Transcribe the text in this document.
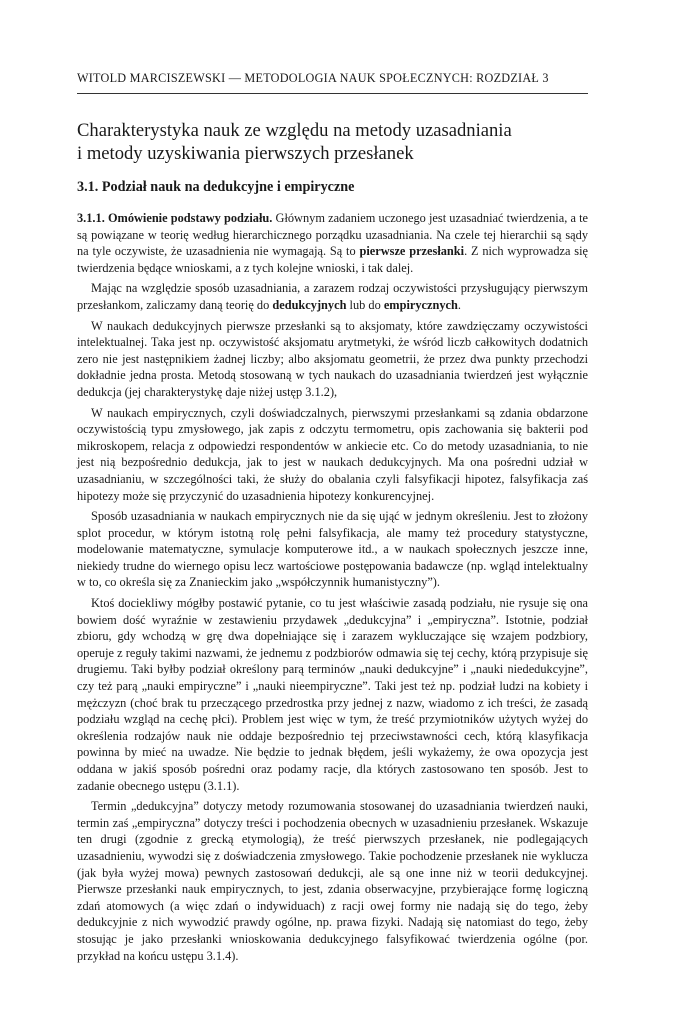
WITOLD MARCISZEWSKI — METODOLOGIA NAUK SPOŁECZNYCH: ROZDZIAŁ 3
Charakterystyka nauk ze względu na metody uzasadniania
i metody uzyskiwania pierwszych przesłanek
3.1. Podział nauk na dedukcyjne i empiryczne

3.1.1. Omówienie podstawy podziału. Głównym zadaniem uczonego jest uzasadniać twierdzenia, a te są powiązane w teorię według hierarchicznego porządku uzasadniania. Na czele tej hierarchii są sądy na tyle oczywiste, że uzasadnienia nie wymagają. Są to pierwsze przesłanki. Z nich wyprowadza się twierdzenia będące wnioskami, a z tych kolejne wnioski, i tak dalej.

Mając na względzie sposób uzasadniania, a zarazem rodzaj oczywistości przysługujący pierwszym przesłankom, zaliczamy daną teorię do dedukcyjnych lub do empirycznych.

W naukach dedukcyjnych pierwsze przesłanki są to aksjomaty, które zawdzięczamy oczywistości intelektualnej. Taka jest np. oczywistość aksjomatu arytmetyki, że wśród liczb całkowitych dodatnich zero nie jest następnikiem żadnej liczby; albo aksjomatu geometrii, że przez dwa punkty przechodzi dokładnie jedna prosta. Metodą stosowaną w tych naukach do uzasadniania twierdzeń jest wyłącznie dedukcja (jej charakterystykę daje niżej ustęp 3.1.2),

W naukach empirycznych, czyli doświadczalnych, pierwszymi przesłankami są zdania obdarzone oczywistością typu zmysłowego, jak zapis z odczytu termometru, opis zachowania się bakterii pod mikroskopem, relacja z odpowiedzi respondentów w ankiecie etc. Co do metody uzasadniania, to nie jest nią bezpośrednio dedukcja, jak to jest w naukach dedukcyjnych. Ma ona pośredni udział w uzasadnianiu, w szczególności taki, że służy do obalania czyli falsyfikacji hipotez, falsyfikacja zaś hipotezy może się przyczynić do uzasadnienia hipotezy konkurencyjnej.

Sposób uzasadniania w naukach empirycznych nie da się ująć w jednym określeniu. Jest to złożony splot procedur, w którym istotną rolę pełni falsyfikacja, ale mamy też procedury statystyczne, modelowanie matematyczne, symulacje komputerowe itd., a w naukach społecznych jeszcze inne, niekiedy trudne do wiernego opisu lecz wartościowe postępowania badawcze (np. wgląd intelektualny w to, co określa się za Znanieckim jako „współczynnik humanistyczny”).

Ktoś dociekliwy mógłby postawić pytanie, co tu jest właściwie zasadą podziału, nie rysuje się ona bowiem dość wyraźnie w zestawieniu przydawek „dedukcyjna” i „empiryczna”. Istotnie, podział zbioru, gdy wchodzą w grę dwa dopełniające się i zarazem wykluczające się wzajem podzbiory, operuje z reguły takimi nazwami, że jednemu z podzbiorów odmawia się tej cechy, którą przypisuje się drugiemu. Taki byłby podział określony parą terminów „nauki dedukcyjne” i „nauki niededukcyjne”, czy też parą „nauki empiryczne” i „nauki nieempiryczne”. Taki jest też np. podział ludzi na kobiety i mężczyzn (choć brak tu przeczącego przedrostka przy jednej z nazw, wiadomo z ich treści, że zasadą podziału wzgląd na cechę płci). Problem jest więc w tym, że treść przymiotników użytych wyżej do określenia rodzajów nauk nie oddaje bezpośrednio tej przeciwstawności cech, którą klasyfikacja powinna by mieć na uwadze. Nie będzie to jednak błędem, jeśli wykażemy, że owa opozycja jest oddana w jakiś sposób pośredni oraz podamy racje, dla których zastosowano ten sposób. Jest to zadanie obecnego ustępu (3.1.1).

Termin „dedukcyjna” dotyczy metody rozumowania stosowanej do uzasadniania twierdzeń nauki, termin zaś „empiryczna” dotyczy treści i pochodzenia obecnych w uzasadnieniu przesłanek. Wskazuje ten drugi (zgodnie z grecką etymologią), że treść pierwszych przesłanek, nie podlegających uzasadnieniu, wywodzi się z doświadczenia zmysłowego. Takie pochodzenie przesłanek nie wyklucza (jak była wyżej mowa) pewnych zastosowań dedukcji, ale są one inne niż w teorii dedukcyjnej. Pierwsze przesłanki nauk empirycznych, to jest, zdania obserwacyjne, przybierające formę logiczną zdań atomowych (a więc zdań o indywiduach) z racji owej formy nie nadają się do tego, żeby dedukcyjnie z nich wywodzić prawdy ogólne, np. prawa fizyki. Nadają się natomiast do tego, żeby stosując je jako przesłanki wnioskowania dedukcyjnego falsyfikować twierdzenia ogólne (por. przykład na końcu ustępu 3.1.4).
